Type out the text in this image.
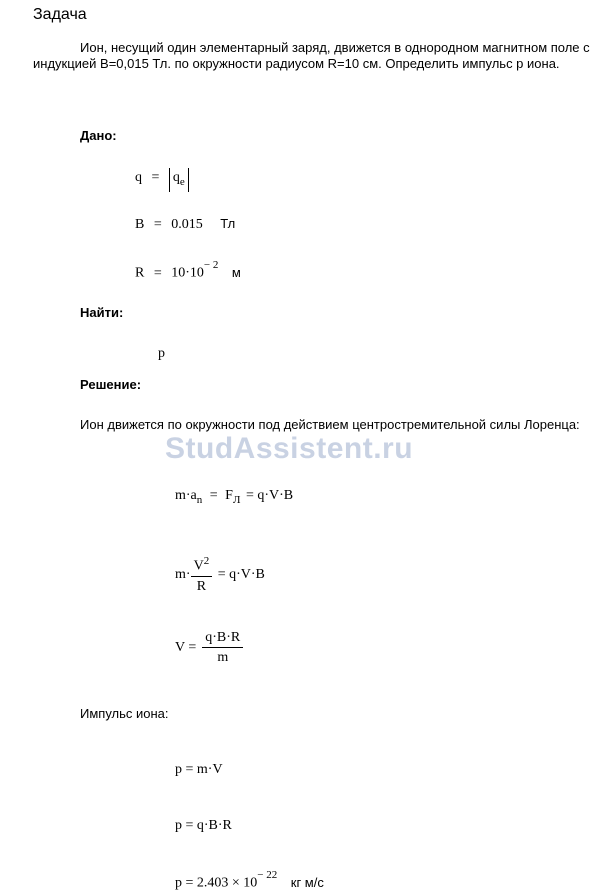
Задача
Ион, несущий один элементарный заряд, движется в однородном магнитном поле с индукцией B=0,015 Тл. по окружности радиусом R=10 см. Определить импульс р иона.
Дано:
$q = q_e$
B = 0.015 Тл
$R = 10\cdot 10^{- 2}$ м
Найти:
p
Решение:
Ион движется по окружности под действием центростремительной силы Лоренца:
StudAssistent.ru
$m\cdot a_n = F_Л = q\cdot V\cdot B$
$m\cdot \frac{V^2}{R} = q\cdot V\cdot B$
$V = \frac{q\cdot B\cdot R}{m}$
Импульс иона:
p = m·V
p = q·B·R
$p = 2.403 \times 10^{- 22}$ кг м/с
